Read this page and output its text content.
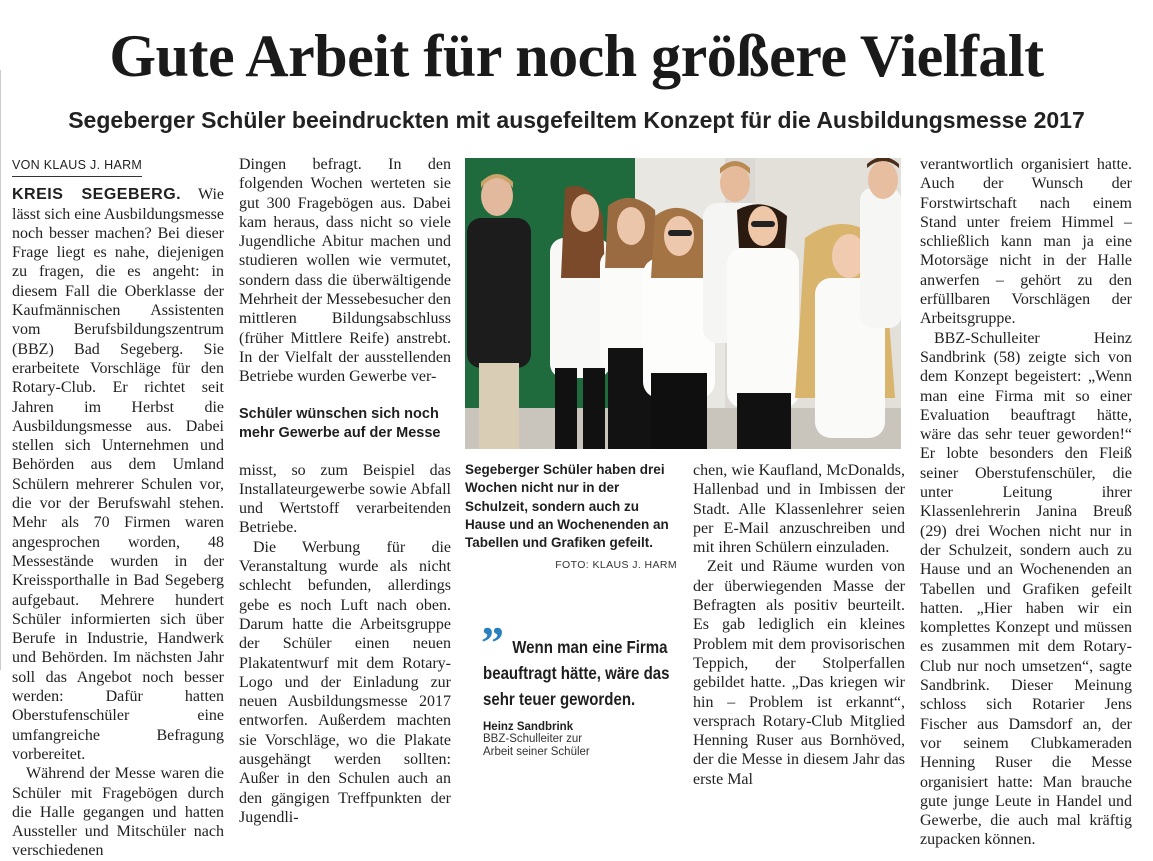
Gute Arbeit für noch größere Vielfalt
Segeberger Schüler beeindruckten mit ausgefeiltem Konzept für die Ausbildungsmesse 2017
VON KLAUS J. HARM

KREIS SEGEBERG. Wie lässt sich eine Ausbildungsmesse noch besser machen? Bei dieser Frage liegt es nahe, diejenigen zu fragen, die es angeht: in diesem Fall die Oberklasse der Kaufmännischen Assistenten vom Berufsbildungszentrum (BBZ) Bad Segeberg. Sie erarbeitete Vorschläge für den Rotary-Club. Er richtet seit Jahren im Herbst die Ausbildungsmesse aus. Dabei stellen sich Unternehmen und Behörden aus dem Umland Schülern mehrerer Schulen vor, die vor der Berufswahl stehen. Mehr als 70 Firmen waren angesprochen worden, 48 Messestände wurden in der Kreissporthalle in Bad Segeberg aufgebaut. Mehrere hundert Schüler informierten sich über Berufe in Industrie, Handwerk und Behörden. Im nächsten Jahr soll das Angebot noch besser werden: Dafür hatten Oberstufenschüler eine umfangreiche Befragung vorbereitet.

Während der Messe waren die Schüler mit Fragebögen durch die Halle gegangen und hatten Aussteller und Mitschüler nach verschiedenen

Dingen befragt. In den folgenden Wochen werteten sie gut 300 Fragebögen aus. Dabei kam heraus, dass nicht so viele Jugendliche Abitur machen und studieren wollen wie vermutet, sondern dass die überwältigende Mehrheit der Messebesucher den mittleren Bildungsabschluss (früher Mittlere Reife) anstrebt. In der Vielfalt der ausstellenden Betriebe wurden Gewerbe ver-

Schüler wünschen sich noch mehr Gewerbe auf der Messe

misst, so zum Beispiel das Installateurgewerbe sowie Abfall und Wertstoff verarbeitenden Betriebe.

Die Werbung für die Veranstaltung wurde als nicht schlecht befunden, allerdings gebe es noch Luft nach oben. Darum hatte die Arbeitsgruppe der Schüler einen neuen Plakatentwurf mit dem Rotary-Logo und der Einladung zur neuen Ausbildungsmesse 2017 entworfen. Außerdem machten sie Vorschläge, wo die Plakate ausgehängt werden sollten: Außer in den Schulen auch an den gängigen Treffpunkten der Jugendli-

Segeberger Schüler haben drei Wochen nicht nur in der Schulzeit, sondern auch zu Hause und an Wochenenden an Tabellen und Grafiken gefeilt.
FOTO: KLAUS J. HARM
” Wenn man eine Firma beauftragt hätte, wäre das sehr teuer geworden.

Heinz Sandbrink

BBZ-Schulleiter zur Arbeit seiner Schüler

chen, wie Kaufland, McDonalds, Hallenbad und in Imbissen der Stadt. Alle Klassenlehrer seien per E-Mail anzuschreiben und mit ihren Schülern einzuladen.

Zeit und Räume wurden von der überwiegenden Masse der Befragten als positiv beurteilt. Es gab lediglich ein kleines Problem mit dem provisorischen Teppich, der Stolperfallen gebildet hatte. „Das kriegen wir hin – Problem ist erkannt“, versprach Rotary-Club Mitglied Henning Ruser aus Bornhöved, der die Messe in diesem Jahr das erste Mal

verantwortlich organisiert hatte. Auch der Wunsch der Forstwirtschaft nach einem Stand unter freiem Himmel – schließlich kann man ja eine Motorsäge nicht in der Halle anwerfen – gehört zu den erfüllbaren Vorschlägen der Arbeitsgruppe.

BBZ-Schulleiter Heinz Sandbrink (58) zeigte sich von dem Konzept begeistert: „Wenn man eine Firma mit so einer Evaluation beauftragt hätte, wäre das sehr teuer geworden!“ Er lobte besonders den Fleiß seiner Oberstufenschüler, die unter Leitung ihrer Klassenlehrerin Janina Breuß (29) drei Wochen nicht nur in der Schulzeit, sondern auch zu Hause und an Wochenenden an Tabellen und Grafiken gefeilt hatten. „Hier haben wir ein komplettes Konzept und müssen es zusammen mit dem Rotary-Club nur noch umsetzen“, sagte Sandbrink. Dieser Meinung schloss sich Rotarier Jens Fischer aus Damsdorf an, der vor seinem Clubkameraden Henning Ruser die Messe organisiert hatte: Man brauche gute junge Leute in Handel und Gewerbe, die auch mal kräftig zupacken können.
